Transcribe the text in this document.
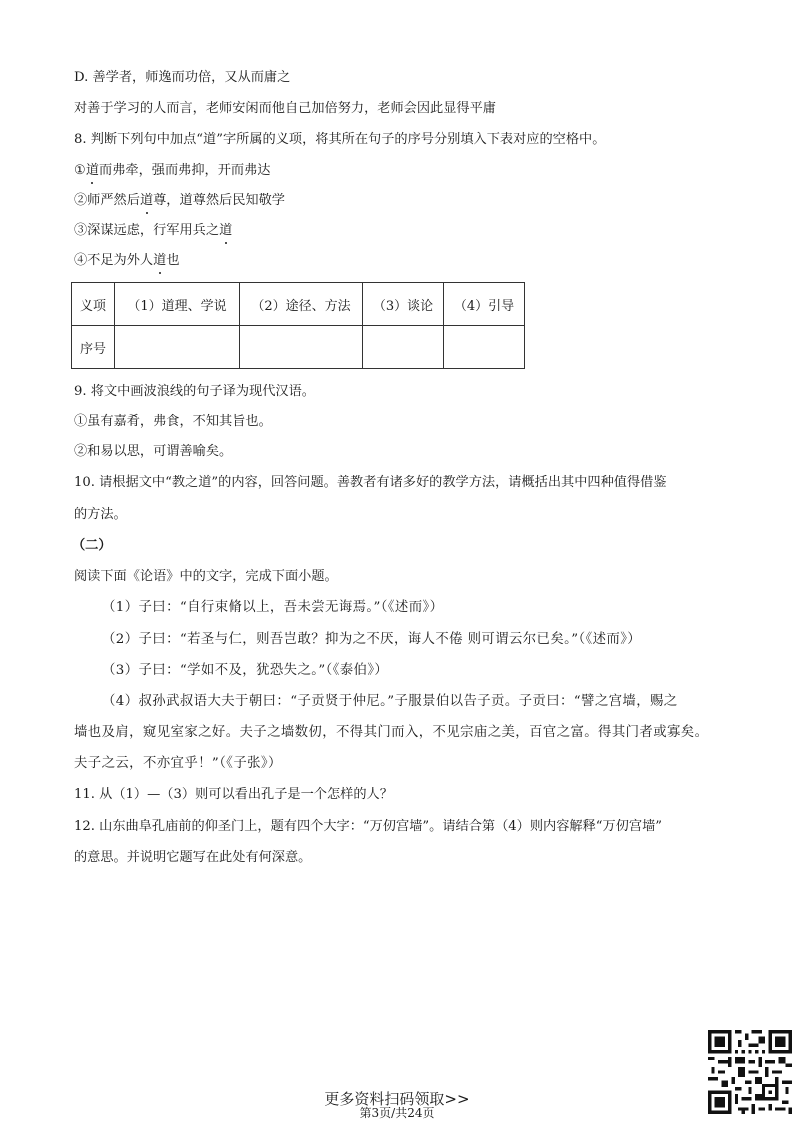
D. 善学者，师逸而功倍，又从而庸之

对善于学习的人而言，老师安闲而他自己加倍努力，老师会因此显得平庸

8. 判断下列句中加点“道”字所属的义项，将其所在句子的序号分别填入下表对应的空格中。

①道而弗牵，强而弗抑，开而弗达

②师严然后道尊，道尊然后民知敬学

③深谋远虑，行军用兵之道

④不足为外人道也

义项	（1）道理、学说	（2）途径、方法	（3）谈论	（4）引导
序号				

9. 将文中画波浪线的句子译为现代汉语。

①虽有嘉肴，弗食，不知其旨也。

②和易以思，可谓善喻矣。

10. 请根据文中“教之道”的内容，回答问题。善教者有诸多好的教学方法，请概括出其中四种值得借鉴

的方法。

（二）

阅读下面《论语》中的文字，完成下面小题。

（1）子曰：“自行束脩以上，吾未尝无诲焉。”（《述而》）

（2）子曰：“若圣与仁，则吾岂敢？抑为之不厌，诲人不倦 则可谓云尔已矣。”（《述而》）

（3）子曰：“学如不及，犹恐失之。”（《泰伯》）

（4）叔孙武叔语大夫于朝曰：“子贡贤于仲尼。”子服景伯以告子贡。子贡曰：“譬之宫墙，赐之

墙也及肩，窥见室家之好。夫子之墙数仞，不得其门而入，不见宗庙之美，百官之富。得其门者或寡矣。

夫子之云，不亦宜乎！”（《子张》）

11. 从（1）—（3）则可以看出孔子是一个怎样的人？

12. 山东曲阜孔庙前的仰圣门上，题有四个大字：“万仞宫墙”。请结合第（4）则内容解释“万仞宫墙”

的意思。并说明它题写在此处有何深意。

更多资料扫码领取>>
第3页/共24页
